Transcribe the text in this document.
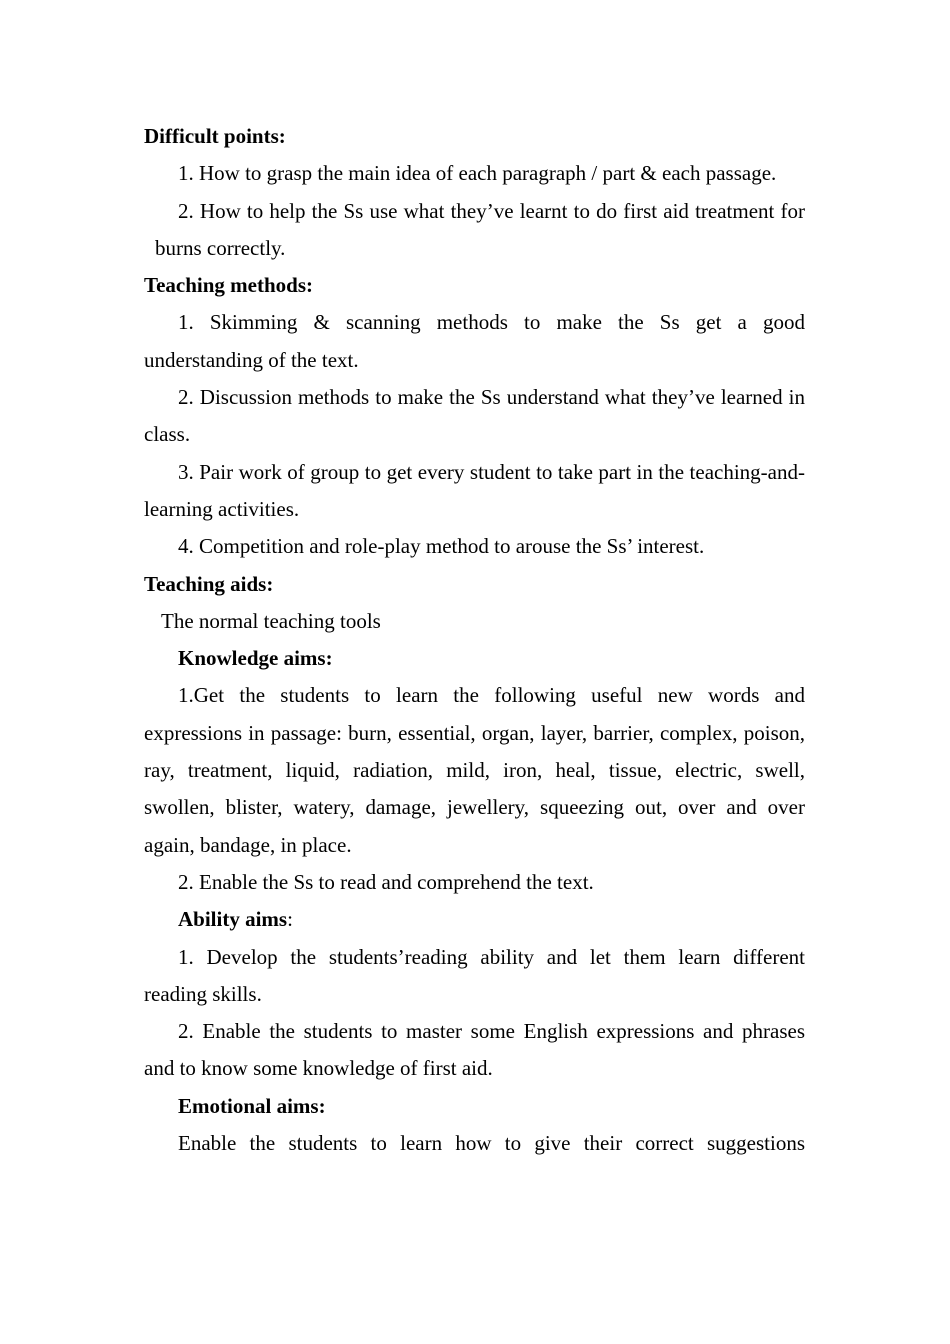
Difficult points:

1. How to grasp the main idea of each paragraph / part & each passage.

2. How to help the Ss use what they’ve learnt to do first aid treatment for burns correctly.

Teaching methods:

1. Skimming & scanning methods to make the Ss get a good understanding of the text.

2. Discussion methods to make the Ss understand what they’ve learned in class.

3. Pair work of group to get every student to take part in the teaching-and-learning activities.

4. Competition and role-play method to arouse the Ss’ interest.

Teaching aids:

The normal teaching tools

Knowledge aims:

1.Get the students to learn the following useful new words and expressions in passage: burn, essential, organ, layer, barrier, complex, poison, ray, treatment, liquid, radiation, mild, iron, heal, tissue, electric, swell, swollen, blister, watery, damage, jewellery, squeezing out, over and over again, bandage, in place.

2. Enable the Ss to read and comprehend the text.

Ability aims:

1. Develop the students’reading ability and let them learn different reading skills.

2. Enable the students to master some English expressions and phrases and to know some knowledge of first aid.

Emotional aims:

Enable the students to learn how to give their correct suggestions
